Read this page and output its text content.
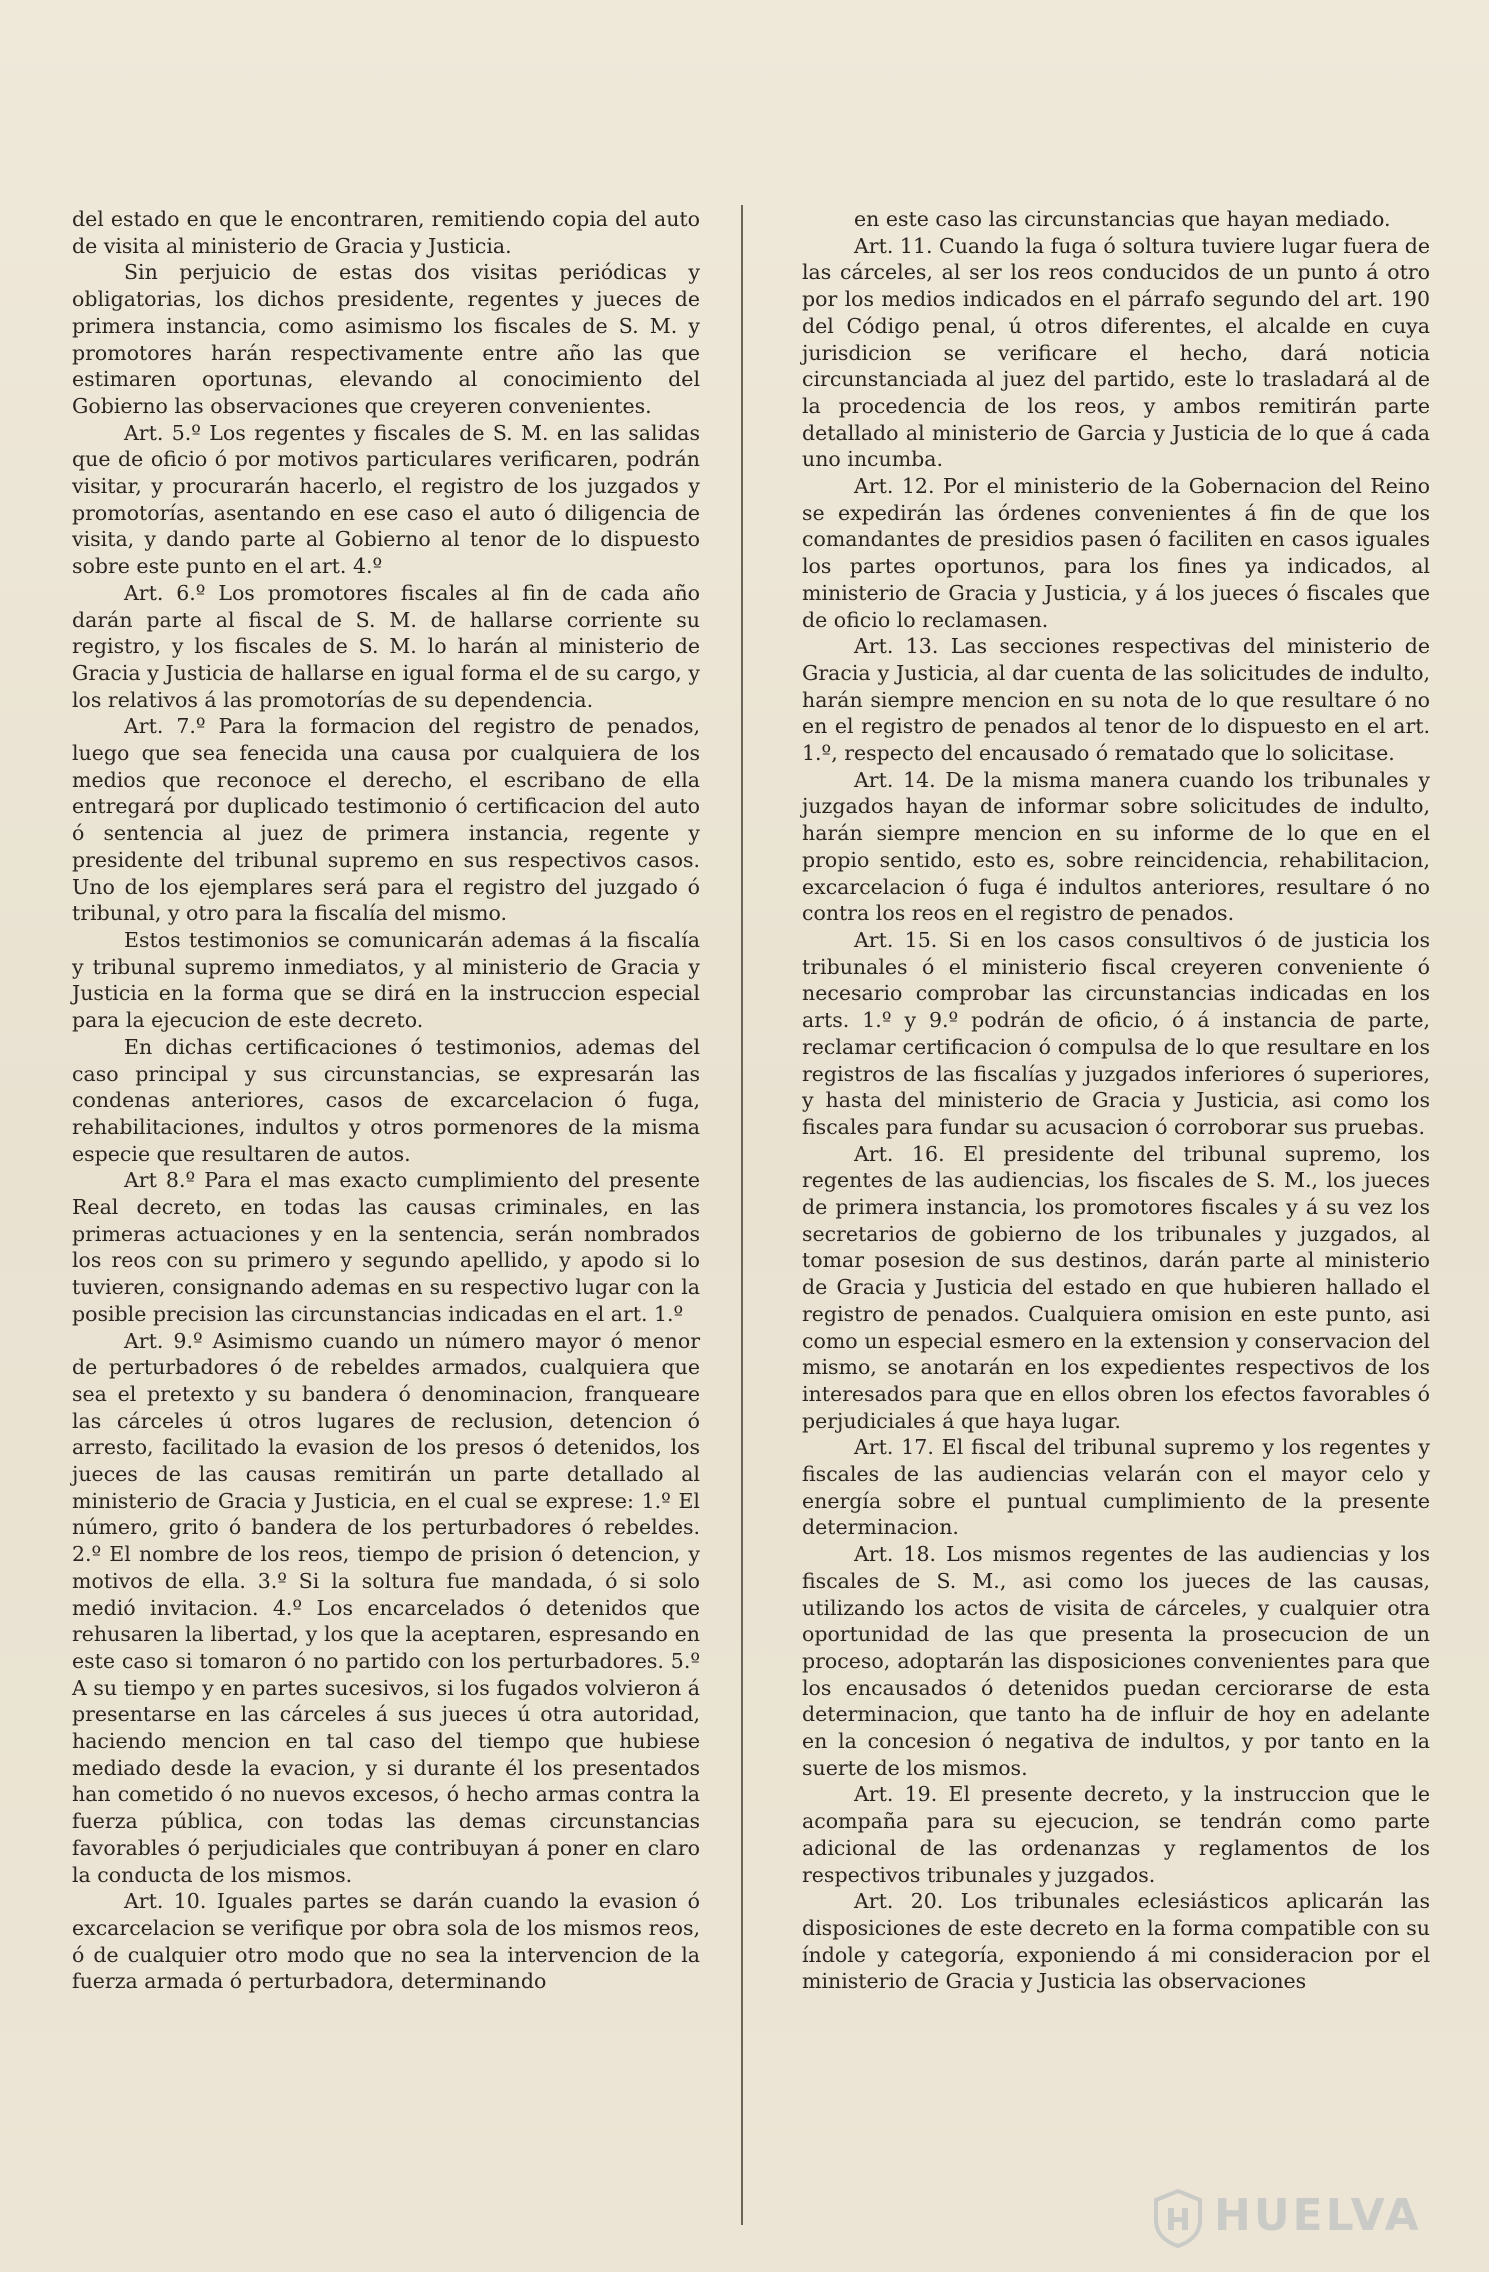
del estado en que le encontraren, remitiendo copia del auto de visita al ministerio de Gracia y Justicia.

Sin perjuicio de estas dos visitas periódicas y obligatorias, los dichos presidente, regentes y jueces de primera instancia, como asimismo los fiscales de S. M. y promotores harán respectivamente entre año las que estimaren oportunas, elevando al conocimiento del Gobierno las observaciones que creyeren convenientes.

Art. 5.º Los regentes y fiscales de S. M. en las salidas que de oficio ó por motivos particulares verificaren, podrán visitar, y procurarán hacerlo, el registro de los juzgados y promotorías, asentando en ese caso el auto ó diligencia de visita, y dando parte al Gobierno al tenor de lo dispuesto sobre este punto en el art. 4.º

Art. 6.º Los promotores fiscales al fin de cada año darán parte al fiscal de S. M. de hallarse corriente su registro, y los fiscales de S. M. lo harán al ministerio de Gracia y Justicia de hallarse en igual forma el de su cargo, y los relativos á las promotorías de su dependencia.

Art. 7.º Para la formacion del registro de penados, luego que sea fenecida una causa por cualquiera de los medios que reconoce el derecho, el escribano de ella entregará por duplicado testimonio ó certificacion del auto ó sentencia al juez de primera instancia, regente y presidente del tribunal supremo en sus respectivos casos. Uno de los ejemplares será para el registro del juzgado ó tribunal, y otro para la fiscalía del mismo.

Estos testimonios se comunicarán ademas á la fiscalía y tribunal supremo inmediatos, y al ministerio de Gracia y Justicia en la forma que se dirá en la instruccion especial para la ejecucion de este decreto.

En dichas certificaciones ó testimonios, ademas del caso principal y sus circunstancias, se expresarán las condenas anteriores, casos de excarcelacion ó fuga, rehabilitaciones, indultos y otros pormenores de la misma especie que resultaren de autos.

Art 8.º Para el mas exacto cumplimiento del presente Real decreto, en todas las causas criminales, en las primeras actuaciones y en la sentencia, serán nombrados los reos con su primero y segundo apellido, y apodo si lo tuvieren, consignando ademas en su respectivo lugar con la posible precision las circunstancias indicadas en el art. 1.º

Art. 9.º Asimismo cuando un número mayor ó menor de perturbadores ó de rebeldes armados, cualquiera que sea el pretexto y su bandera ó denominacion, franqueare las cárceles ú otros lugares de reclusion, detencion ó arresto, facilitado la evasion de los presos ó detenidos, los jueces de las causas remitirán un parte detallado al ministerio de Gracia y Justicia, en el cual se exprese: 1.º El número, grito ó bandera de los perturbadores ó rebeldes. 2.º El nombre de los reos, tiempo de prision ó detencion, y motivos de ella. 3.º Si la soltura fue mandada, ó si solo medió invitacion. 4.º Los encarcelados ó detenidos que rehusaren la libertad, y los que la aceptaren, espresando en este caso si tomaron ó no partido con los perturbadores. 5.º A su tiempo y en partes sucesivos, si los fugados volvieron á presentarse en las cárceles á sus jueces ú otra autoridad, haciendo mencion en tal caso del tiempo que hubiese mediado desde la evacion, y si durante él los presentados han cometido ó no nuevos excesos, ó hecho armas contra la fuerza pública, con todas las demas circunstancias favorables ó perjudiciales que contribuyan á poner en claro la conducta de los mismos.

Art. 10. Iguales partes se darán cuando la evasion ó excarcelacion se verifique por obra sola de los mismos reos, ó de cualquier otro modo que no sea la intervencion de la fuerza armada ó perturbadora, determinando

en este caso las circunstancias que hayan mediado.

Art. 11. Cuando la fuga ó soltura tuviere lugar fuera de las cárceles, al ser los reos conducidos de un punto á otro por los medios indicados en el párrafo segundo del art. 190 del Código penal, ú otros diferentes, el alcalde en cuya jurisdicion se verificare el hecho, dará noticia circunstanciada al juez del partido, este lo trasladará al de la procedencia de los reos, y ambos remitirán parte detallado al ministerio de Garcia y Justicia de lo que á cada uno incumba.

Art. 12. Por el ministerio de la Gobernacion del Reino se expedirán las órdenes convenientes á fin de que los comandantes de presidios pasen ó faciliten en casos iguales los partes oportunos, para los fines ya indicados, al ministerio de Gracia y Justicia, y á los jueces ó fiscales que de oficio lo reclamasen.

Art. 13. Las secciones respectivas del ministerio de Gracia y Justicia, al dar cuenta de las solicitudes de indulto, harán siempre mencion en su nota de lo que resultare ó no en el registro de penados al tenor de lo dispuesto en el art. 1.º, respecto del encausado ó rematado que lo solicitase.

Art. 14. De la misma manera cuando los tribunales y juzgados hayan de informar sobre solicitudes de indulto, harán siempre mencion en su informe de lo que en el propio sentido, esto es, sobre reincidencia, rehabilitacion, excarcelacion ó fuga é indultos anteriores, resultare ó no contra los reos en el registro de penados.

Art. 15. Si en los casos consultivos ó de justicia los tribunales ó el ministerio fiscal creyeren conveniente ó necesario comprobar las circunstancias indicadas en los arts. 1.º y 9.º podrán de oficio, ó á instancia de parte, reclamar certificacion ó compulsa de lo que resultare en los registros de las fiscalías y juzgados inferiores ó superiores, y hasta del ministerio de Gracia y Justicia, asi como los fiscales para fundar su acusacion ó corroborar sus pruebas.

Art. 16. El presidente del tribunal supremo, los regentes de las audiencias, los fiscales de S. M., los jueces de primera instancia, los promotores fiscales y á su vez los secretarios de gobierno de los tribunales y juzgados, al tomar posesion de sus destinos, darán parte al ministerio de Gracia y Justicia del estado en que hubieren hallado el registro de penados. Cualquiera omision en este punto, asi como un especial esmero en la extension y conservacion del mismo, se anotarán en los expedientes respectivos de los interesados para que en ellos obren los efectos favorables ó perjudiciales á que haya lugar.

Art. 17. El fiscal del tribunal supremo y los regentes y fiscales de las audiencias velarán con el mayor celo y energía sobre el puntual cumplimiento de la presente determinacion.

Art. 18. Los mismos regentes de las audiencias y los fiscales de S. M., asi como los jueces de las causas, utilizando los actos de visita de cárceles, y cualquier otra oportunidad de las que presenta la prosecucion de un proceso, adoptarán las disposiciones convenientes para que los encausados ó detenidos puedan cerciorarse de esta determinacion, que tanto ha de influir de hoy en adelante en la concesion ó negativa de indultos, y por tanto en la suerte de los mismos.

Art. 19. El presente decreto, y la instruccion que le acompaña para su ejecucion, se tendrán como parte adicional de las ordenanzas y reglamentos de los respectivos tribunales y juzgados.

Art. 20. Los tribunales eclesiásticos aplicarán las disposiciones de este decreto en la forma compatible con su índole y categoría, exponiendo á mi consideracion por el ministerio de Gracia y Justicia las observaciones

HUELVA
